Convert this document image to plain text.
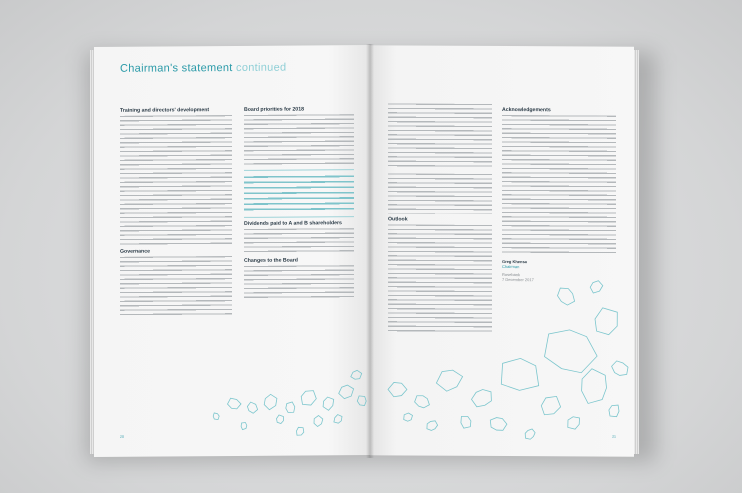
Chairman's statement continued
Training and directors' development
Governance
Board priorities for 2018
Dividends paid to A and B shareholders
Changes to the Board
20
Outlook
Acknowledgements
Greg Khensa
Chairman
Rosebank
7 December 2017
21
